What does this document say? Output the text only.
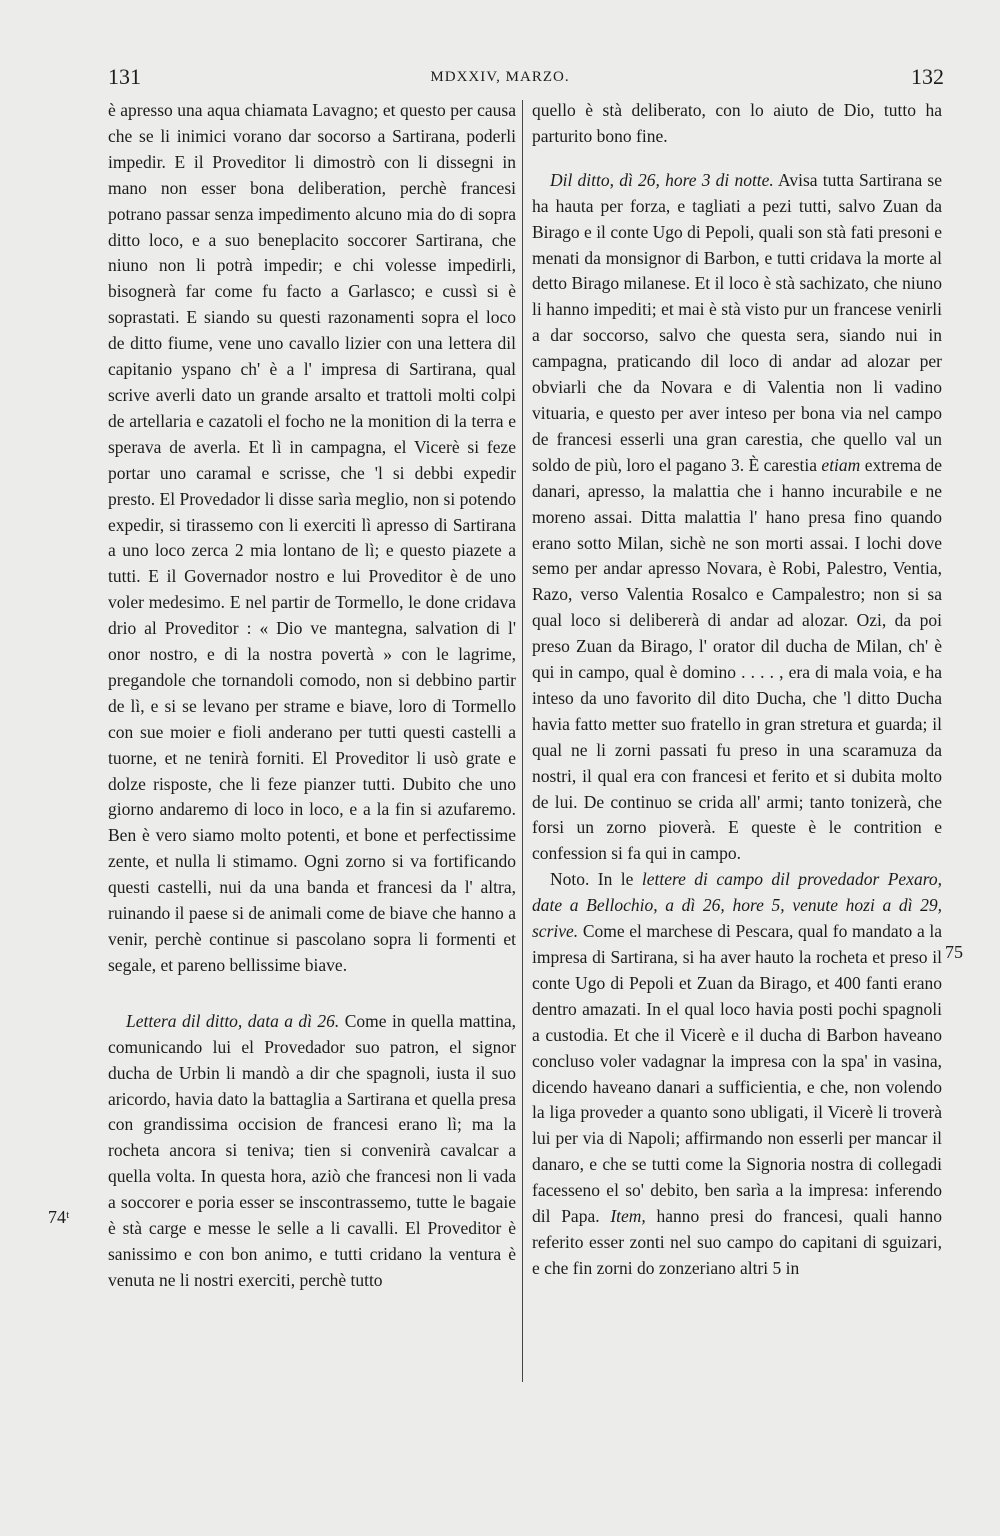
131	MDXXIV, MARZO.	132
74ᵗ
75

è apresso una aqua chiamata Lavagno; et questo per causa che se li inimici vorano dar socorso a Sartirana, poderli impedir. E il Proveditor li dimostrò con li dissegni in mano non esser bona deliberation, perchè francesi potrano passar senza impedimento alcuno mia do di sopra ditto loco, e a suo beneplacito soccorer Sartirana, che niuno non li potrà impedir; e chi volesse impedirli, bisognerà far come fu facto a Garlasco; e cussì si è soprastati. E siando su questi razonamenti sopra el loco de ditto fiume, vene uno cavallo lizier con una lettera dil capitanio yspano ch' è a l' impresa di Sartirana, qual scrive averli dato un grande arsalto et trattoli molti colpi de artellaria e cazatoli el focho ne la monition di la terra e sperava de averla. Et lì in campagna, el Vicerè si feze portar uno caramal e scrisse, che 'l si debbi expedir presto. El Provedador li disse sarìa meglio, non si potendo expedir, si tirassemo con li exerciti lì apresso di Sartirana a uno loco zerca 2 mia lontano de lì; e questo piazete a tutti. E il Governador nostro e lui Proveditor è de uno voler medesimo. E nel partir de Tormello, le done cridava drio al Proveditor : « Dio ve mantegna, salvation di l' onor nostro, e di la nostra povertà » con le lagrime, pregandole che tornandoli comodo, non si debbino partir de lì, e si se levano per strame e biave, loro di Tormello con sue moier e fioli anderano per tutti questi castelli a tuorne, et ne tenirà forniti. El Proveditor li usò grate e dolze risposte, che li feze pianzer tutti. Dubito che uno giorno andaremo di loco in loco, e a la fin si azufaremo. Ben è vero siamo molto potenti, et bone et perfectissime zente, et nulla li stimamo. Ogni zorno si va fortificando questi castelli, nui da una banda et francesi da l' altra, ruinando il paese si de animali come de biave che hanno a venir, perchè continue si pascolano sopra li formenti et segale, et pareno bellissime biave.

Lettera dil ditto, data a dì 26. Come in quella mattina, comunicando lui el Provedador suo patron, el signor ducha de Urbin li mandò a dir che spagnoli, iusta il suo aricordo, havia dato la battaglia a Sartirana et quella presa con grandissima occision de francesi erano lì; ma la rocheta ancora si teniva; tien si convenirà cavalcar a quella volta. In questa hora, aziò che francesi non li vada a soccorer e poria esser se inscontrassemo, tutte le bagaie è stà carge e messe le selle a li cavalli. El Proveditor è sanissimo e con bon animo, e tutti cridano la ventura è venuta ne li nostri exerciti, perchè tutto

quello è stà deliberato, con lo aiuto de Dio, tutto ha parturito bono fine.

Dil ditto, dì 26, hore 3 di notte. Avisa tutta Sartirana se ha hauta per forza, e tagliati a pezi tutti, salvo Zuan da Birago e il conte Ugo di Pepoli, quali son stà fati presoni e menati da monsignor di Barbon, e tutti cridava la morte al detto Birago milanese. Et il loco è stà sachizato, che niuno li hanno impediti; et mai è stà visto pur un francese venirli a dar soccorso, salvo che questa sera, siando nui in campagna, praticando dil loco di andar ad alozar per obviarli che da Novara e di Valentia non li vadino vituaria, e questo per aver inteso per bona via nel campo de francesi esserli una gran carestia, che quello val un soldo de più, loro el pagano 3. È carestia etiam extrema de danari, apresso, la malattia che i hanno incurabile e ne moreno assai. Ditta malattia l' hano presa fino quando erano sotto Milan, sichè ne son morti assai. I lochi dove semo per andar apresso Novara, è Robi, Palestro, Ventia, Razo, verso Valentia Rosalco e Campalestro; non si sa qual loco si delibererà di andar ad alozar. Ozi, da poi preso Zuan da Birago, l' orator dil ducha de Milan, ch' è qui in campo, qual è domino . . . . , era di mala voia, e ha inteso da uno favorito dil dito Ducha, che 'l ditto Ducha havia fatto metter suo fratello in gran stretura et guarda; il qual ne li zorni passati fu preso in una scaramuza da nostri, il qual era con francesi et ferito et si dubita molto de lui. De continuo se crida all' armi; tanto tonizerà, che forsi un zorno pioverà. E queste è le contrition e confession si fa qui in campo.

Noto. In le lettere di campo dil provedador Pexaro, date a Bellochio, a dì 26, hore 5, venute hozi a dì 29, scrive. Come el marchese di Pescara, qual fo mandato a la impresa di Sartirana, si ha aver hauto la rocheta et preso il conte Ugo di Pepoli et Zuan da Birago, et 400 fanti erano dentro amazati. In el qual loco havia posti pochi spagnoli a custodia. Et che il Vicerè e il ducha di Barbon haveano concluso voler vadagnar la impresa con la spa' in vasina, dicendo haveano danari a sufficientia, e che, non volendo la liga proveder a quanto sono ubligati, il Vicerè li troverà lui per via di Napoli; affirmando non esserli per mancar il danaro, e che se tutti come la Signoria nostra di collegadi facesseno el so' debito, ben sarìa a la impresa: inferendo dil Papa. Item, hanno presi do francesi, quali hanno referito esser zonti nel suo campo do capitani di sguizari, e che fin zorni do zonzeriano altri 5 in
